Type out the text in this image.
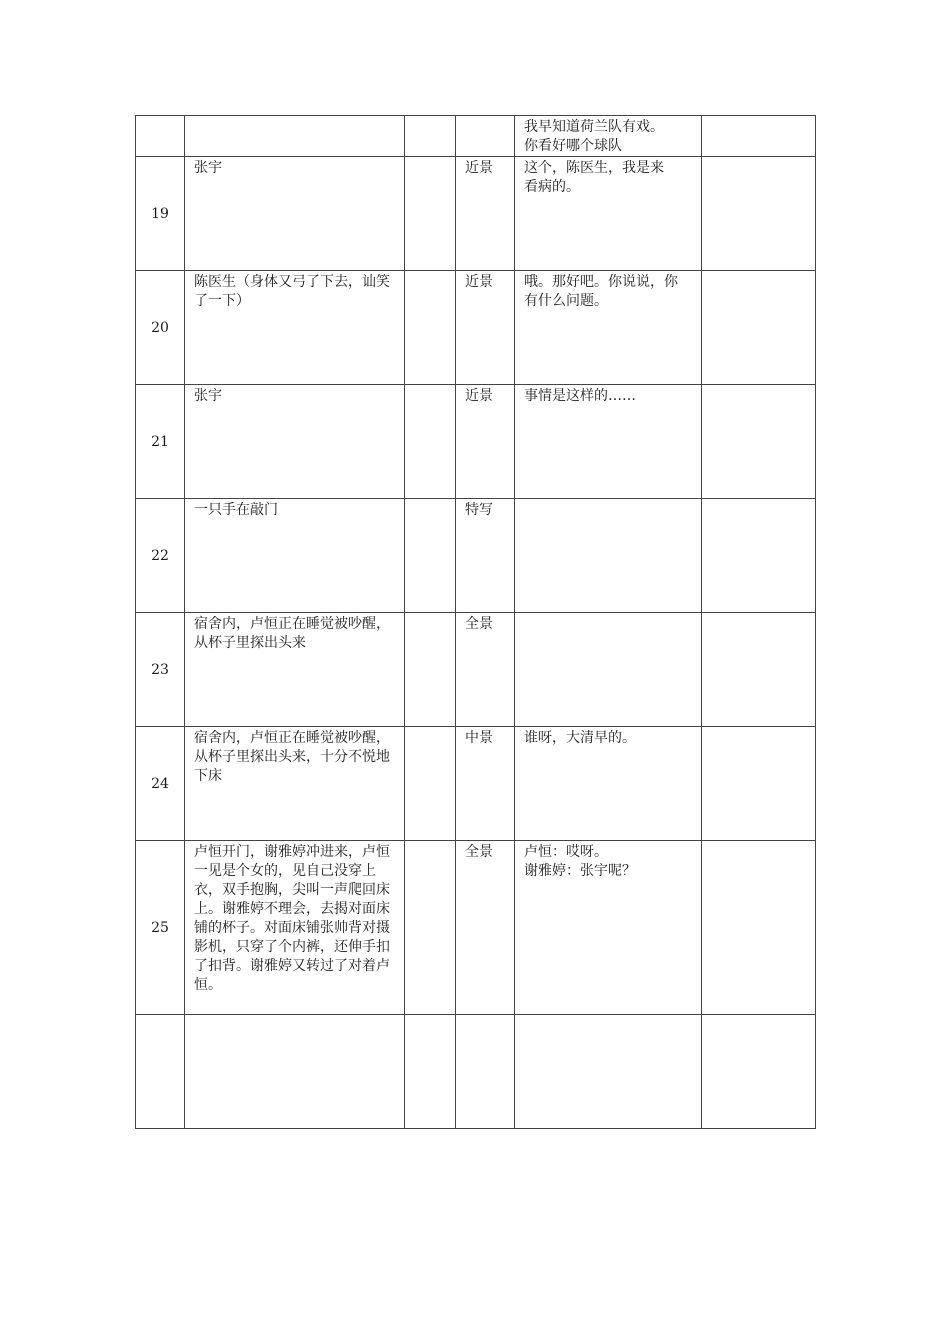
				我早知道荷兰队有戏。
你看好哪个球队	

19	张宇		近景	这个，陈医生，我是来
看病的。	

20	陈医生（身体又弓了下去，讪笑了一下）		近景	哦。那好吧。你说说，你
有什么问题。	

21	张宇		近景	事情是这样的……	

22	一只手在敲门		特写		
23	宿舍内，卢恒正在睡觉被吵醒，从杯子里探出头来		全景		
24	宿舍内，卢恒正在睡觉被吵醒，从杯子里探出头来，十分不悦地下床		中景	谁呀，大清早的。	

25	卢恒开门，谢雅婷冲进来，卢恒一见是个女的，见自己没穿上衣，双手抱胸，尖叫一声爬回床上。谢雅婷不理会，去揭对面床铺的杯子。对面床铺张帅背对摄影机，只穿了个内裤，还伸手扣了扣背。谢雅婷又转过了对着卢恒。		全景	卢恒：哎呀。
谢雅婷：张宇呢？	
